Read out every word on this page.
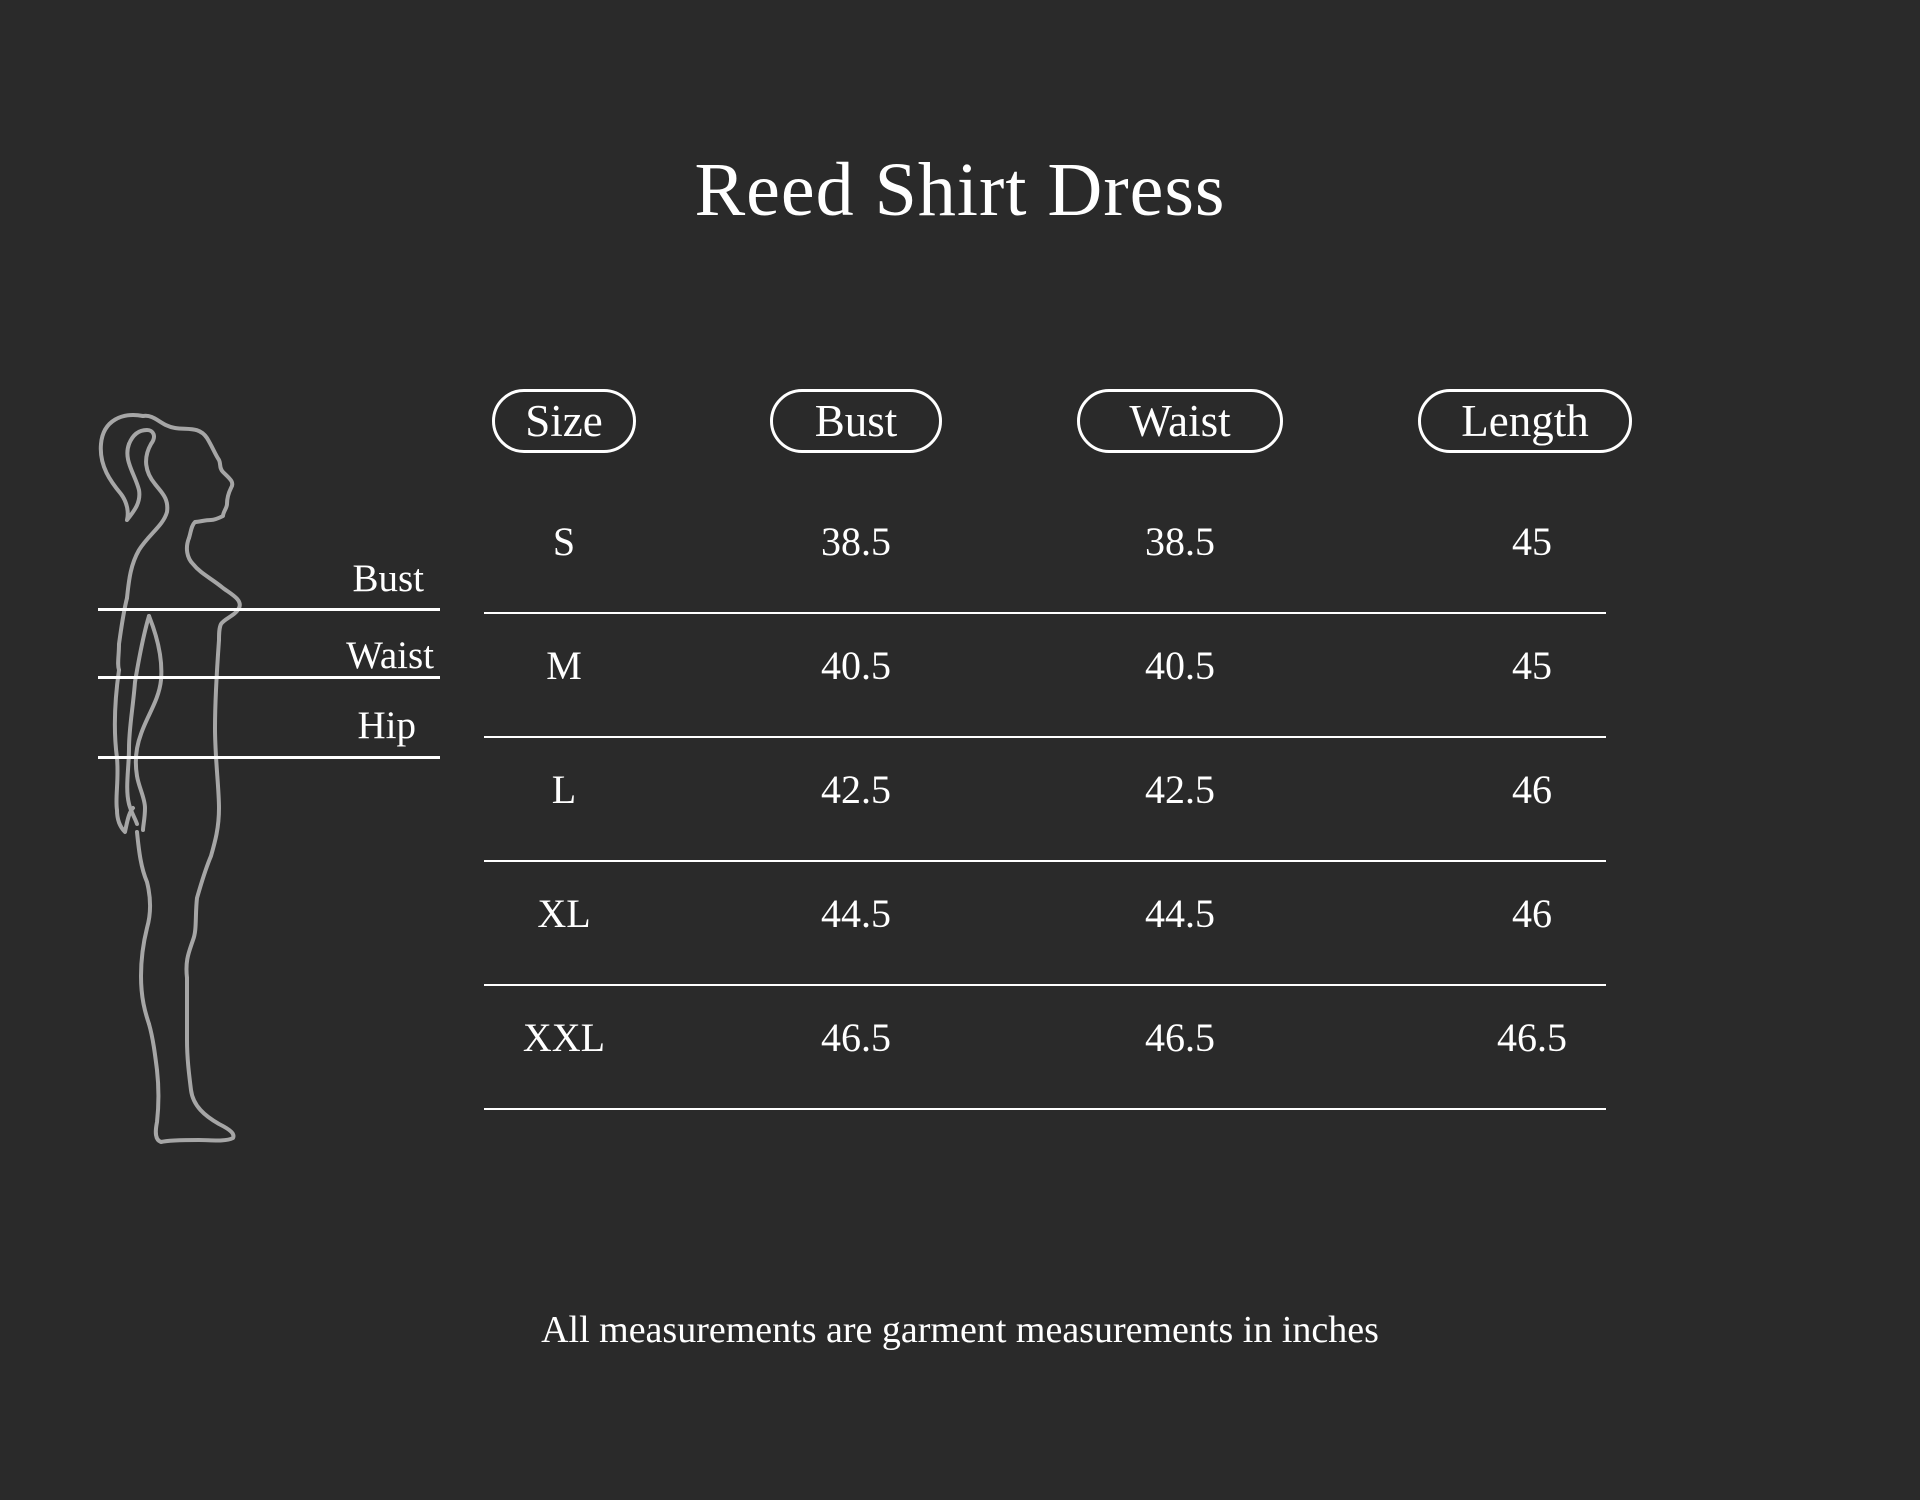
Reed Shirt Dress
Bust
Waist
Hip
Size	Bust	Waist	Length
S	38.5	38.5	45
M	40.5	40.5	45
L	42.5	42.5	46
XL	44.5	44.5	46
XXL	46.5	46.5	46.5
All measurements are garment measurements in inches
